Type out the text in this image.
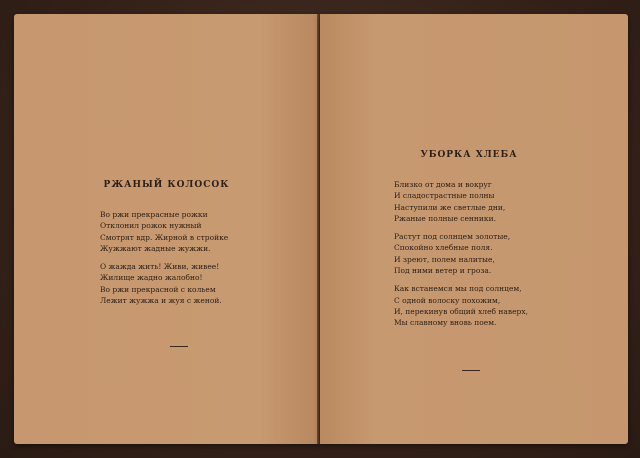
РЖАНЫЙ КОЛОСОК
Во ржи прекрасные рожки
Отклонил рожок нужный
Смотрят вдр. Жирной в стройке
Жужжают жадные жужжи.
О жажда жить! Живи, живее!
Жилище жадно жалобно!
Во ржи прекрасной с кольем
Лежит жужжа и жуя с женой.
УБОРКА ХЛЕБА
Близко от дома и вокруг
И сладострастные полны
Наступили же светлые дни,
Ржаные полные сенники.
Растут под солнцем золотые,
Спокойно хлебные поля.
И зреют, полем налитые,
Под ними ветер и гроза.
Как встанемся мы под солнцем,
С одной волоску похожим,
И, перекинув общий хлеб наверх,
Мы славному вновь поем.
